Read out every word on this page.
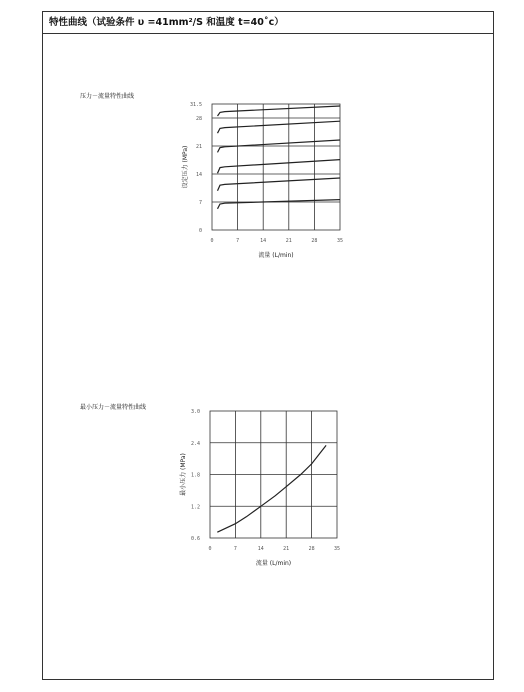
特性曲线（试验条件 υ =41mm²/S 和温度 t=40˚c）
压力－流量特性曲线
最小压力－流量特性曲线
0	7	14	21	28	35
0
7
14
21
28
31.5
流量 (L/min)
设定压力 (MPa)
0	7	14	21	28	35
0.6
1.2
1.8
2.4
3.0
流量 (L/min)
最小压力 (MPa)
